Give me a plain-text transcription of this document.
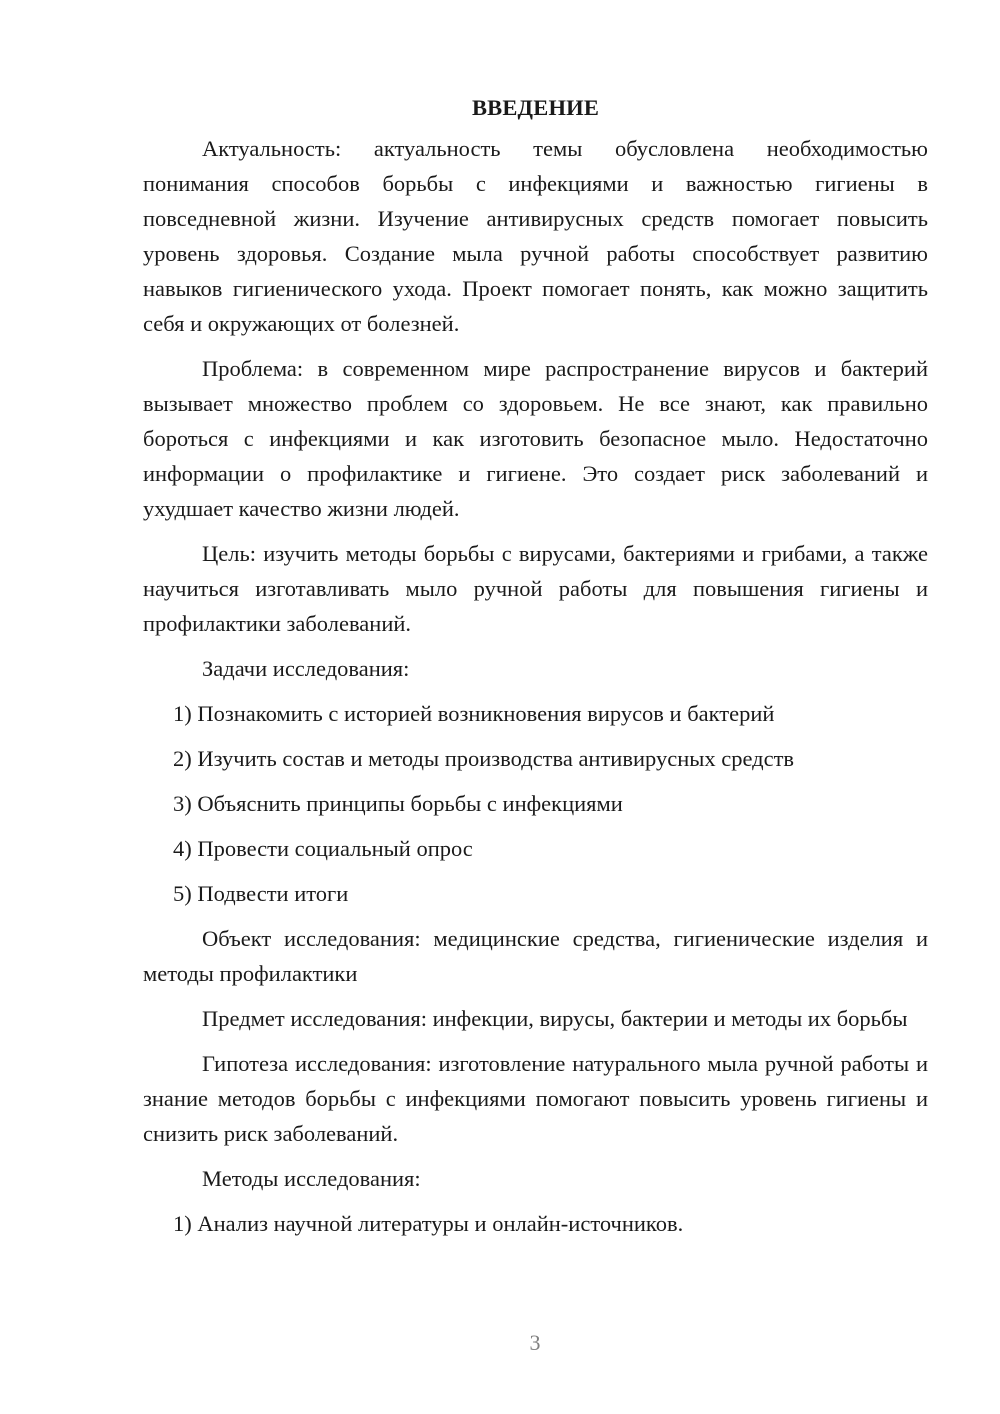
ВВЕДЕНИЕ

Актуальность: актуальность темы обусловлена необходимостью понимания способов борьбы с инфекциями и важностью гигиены в повседневной жизни. Изучение антивирусных средств помогает повысить уровень здоровья. Создание мыла ручной работы способствует развитию навыков гигиенического ухода. Проект помогает понять, как можно защитить себя и окружающих от болезней.

Проблема: в современном мире распространение вирусов и бактерий вызывает множество проблем со здоровьем. Не все знают, как правильно бороться с инфекциями и как изготовить безопасное мыло. Недостаточно информации о профилактике и гигиене. Это создает риск заболеваний и ухудшает качество жизни людей.

Цель: изучить методы борьбы с вирусами, бактериями и грибами, а также научиться изготавливать мыло ручной работы для повышения гигиены и профилактики заболеваний.

Задачи исследования:

1) Познакомить с историей возникновения вирусов и бактерий
2) Изучить состав и методы производства антивирусных средств
3) Объяснить принципы борьбы с инфекциями
4) Провести социальный опрос
5) Подвести итоги

Объект исследования: медицинские средства, гигиенические изделия и методы профилактики

Предмет исследования: инфекции, вирусы, бактерии и методы их борьбы

Гипотеза исследования: изготовление натурального мыла ручной работы и знание методов борьбы с инфекциями помогают повысить уровень гигиены и снизить риск заболеваний.

Методы исследования:

1) Анализ научной литературы и онлайн-источников.
3
